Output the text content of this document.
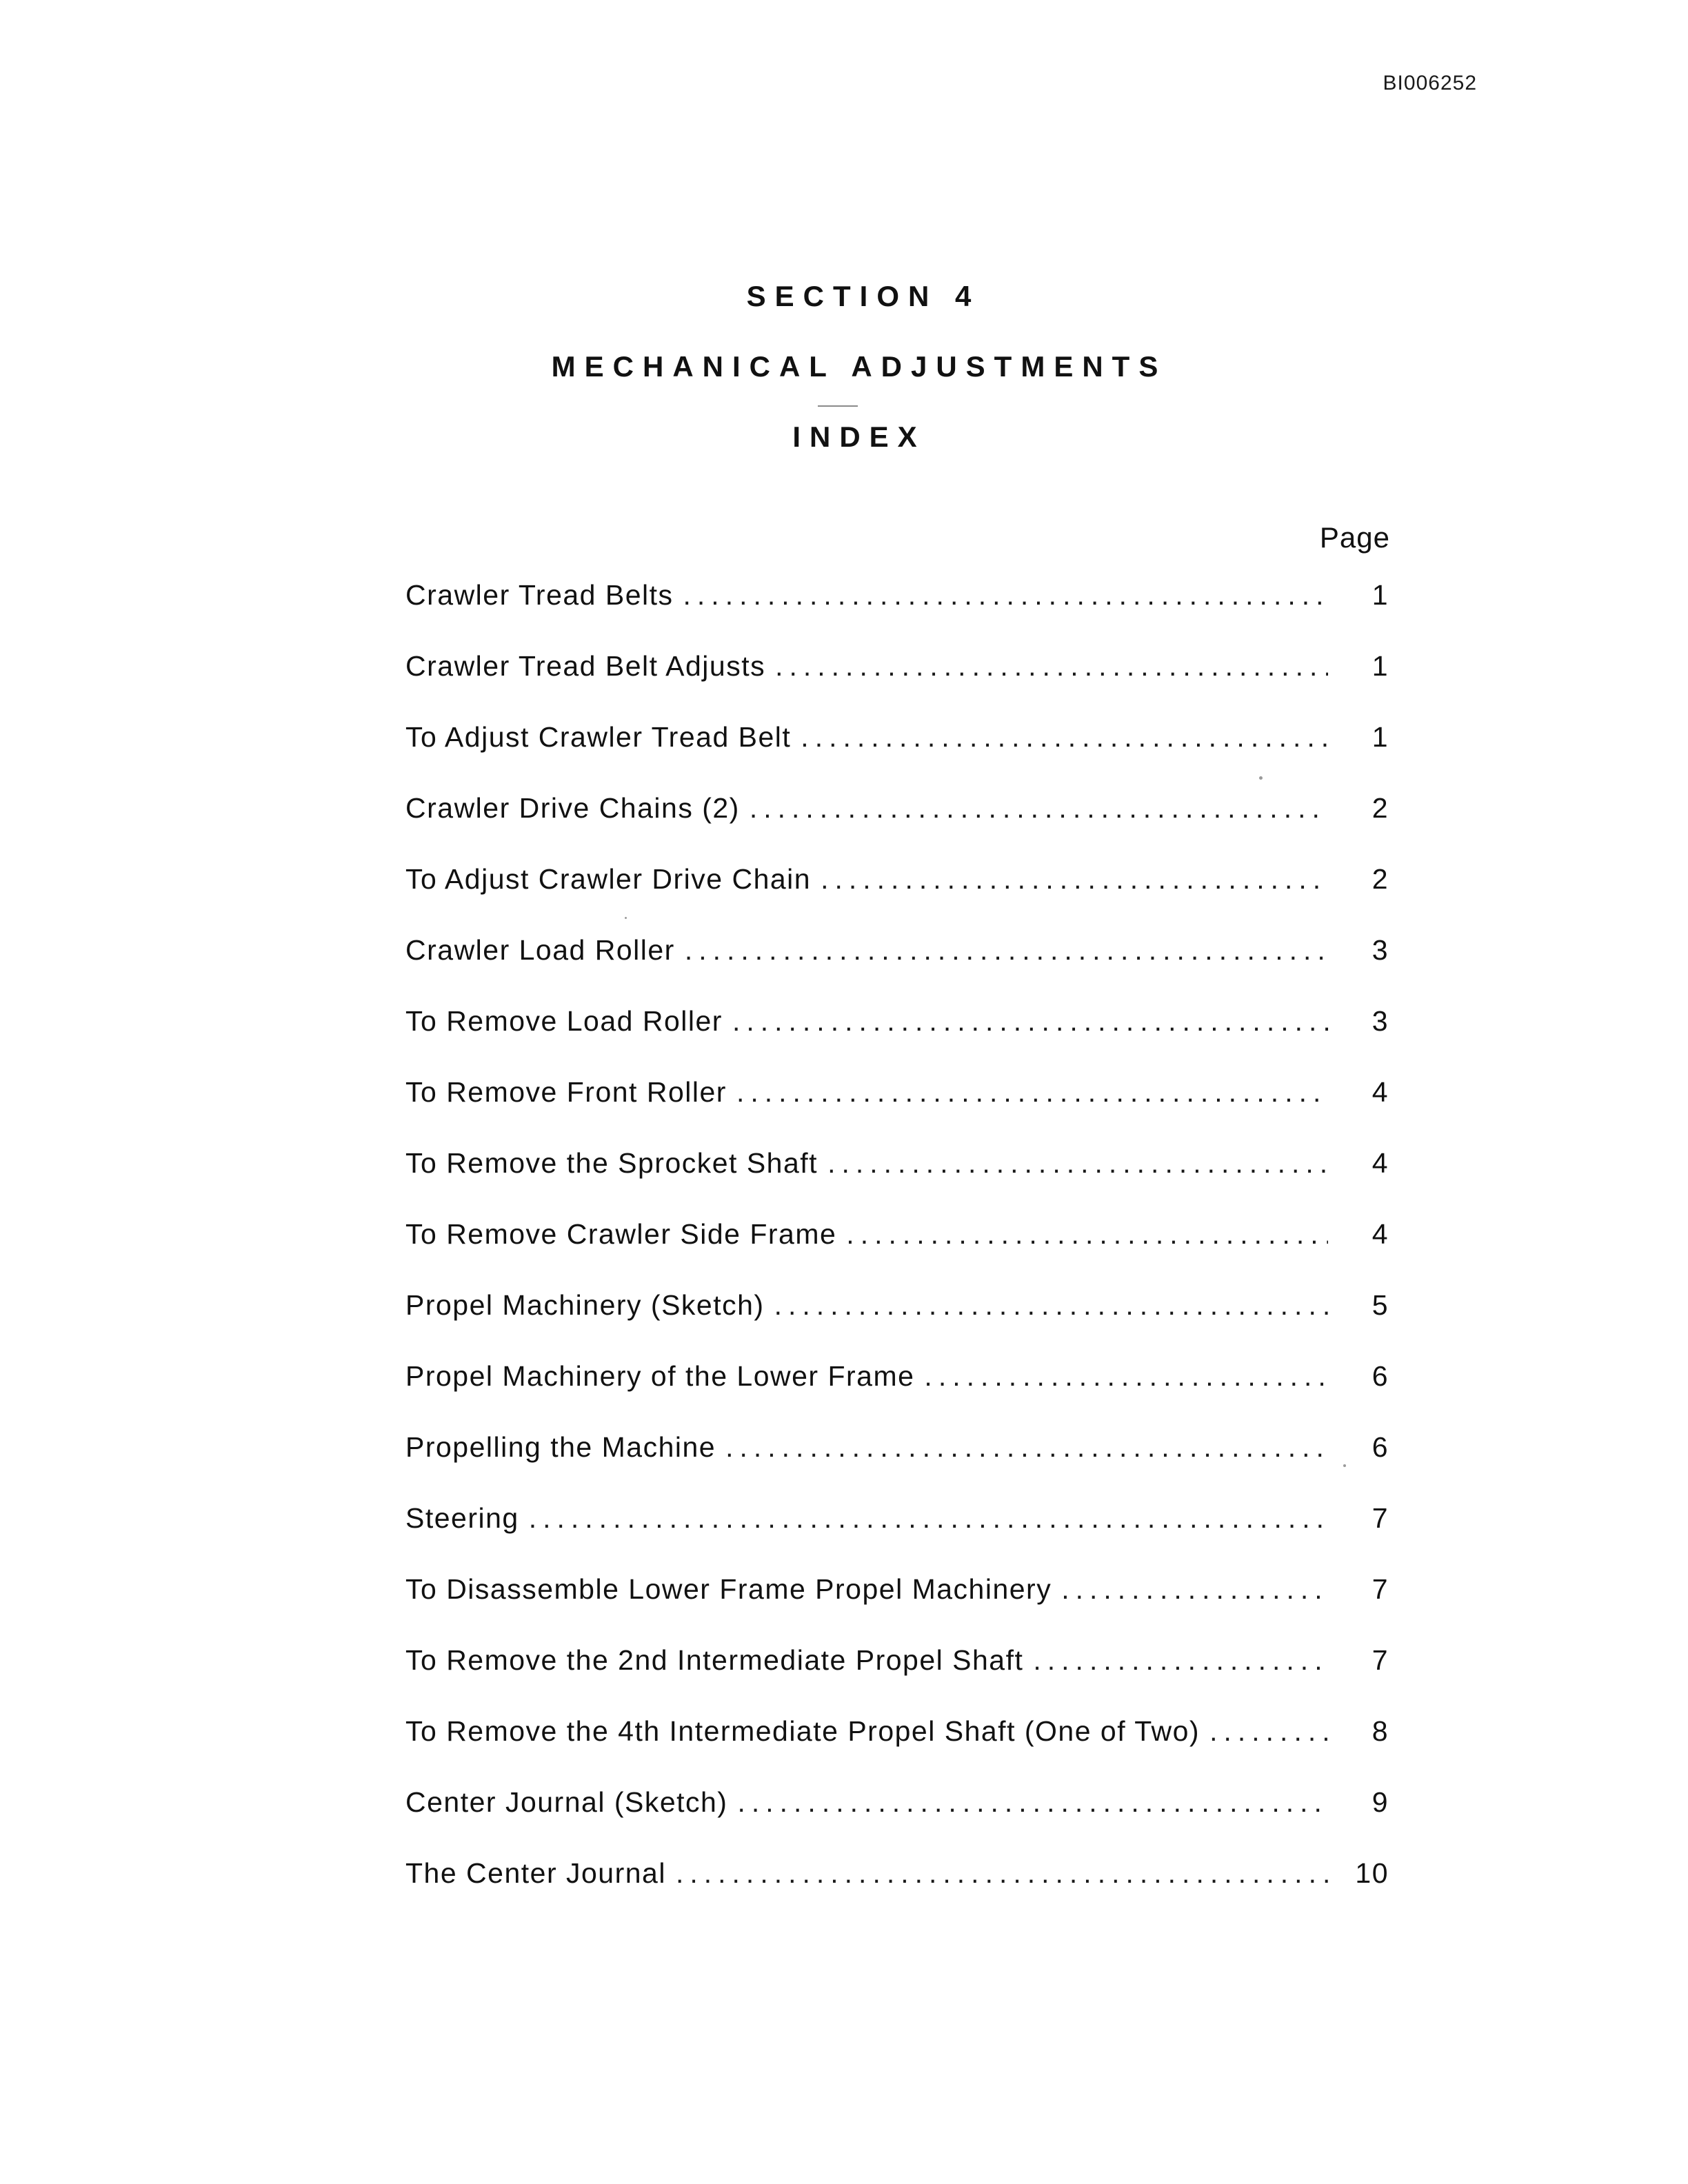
BI006252
SECTION 4
MECHANICAL ADJUSTMENTS
INDEX
Page
Crawler Tread Belts .....	1
Crawler Tread Belt Adjusts .....	1
To Adjust Crawler Tread Belt .....	1
Crawler Drive Chains (2) .....	2
To Adjust Crawler Drive Chain .....	2
Crawler Load Roller .....	3
To Remove Load Roller .....	3
To Remove Front Roller .....	4
To Remove the Sprocket Shaft .....	4
To Remove Crawler Side Frame .....	4
Propel Machinery (Sketch) .....	5
Propel Machinery of the Lower Frame .....	6
Propelling the Machine .....	6
Steering .....	7
To Disassemble Lower Frame Propel Machinery .....	7
To Remove the 2nd Intermediate Propel Shaft .....	7
To Remove the 4th Intermediate Propel Shaft (One of Two) .....	8
Center Journal (Sketch) .....	9
The Center Journal .....	10
